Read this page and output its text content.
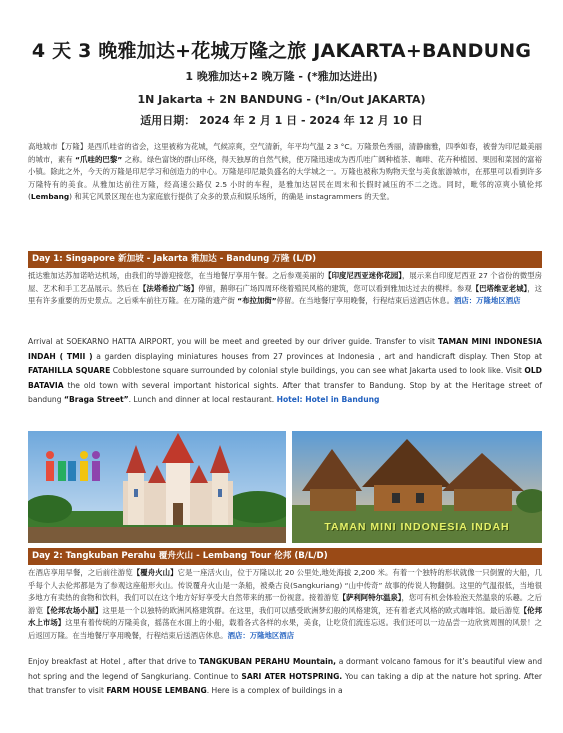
4 天 3 晚雅加达+花城万隆之旅 JAKARTA+BANDUNG
1 晚雅加达+2 晚万隆 - (*雅加达进出)
1N Jakarta + 2N BANDUNG - (*In/Out JAKARTA)
适用日期： 2024 年 2 月 1 日 - 2024 年 12 月 10 日
高地城市【万隆】是西爪哇省的省会，这里被称为花城，气候凉爽，空气清新，年平均气温 2 3 °C。万隆景色秀丽，清静幽雅，四季如春，被誉为印尼最美丽的城市，素有 “爪哇的巴黎” 之称。绿色富饶的群山环绕，得天独厚的自然气候，使万隆迅速成为西爪哇广阔种植茶、咖啡、花卉种植园、果园和菜园的富裕小镇。除此之外，今天的万隆是印尼学习和创造力的中心。万隆是印尼最负盛名的大学城之一。万隆也被称为购物天堂与美食旅游城市，在那里可以看到许多万隆特有的美食。从雅加达前往万隆，经高速公路仅 2.5 小时的车程，是雅加达居民在周末和长假时减压的不二之选。同时，毗邻的凉爽小镇伦邦 (Lembang) 和其它风景区现在也为家庭旅行提供了众多的景点和娱乐场所，的确是 instagrammers 的天堂。
Day 1: Singapore 新加坡 - Jakarta 雅加达 - Bandung 万隆 (L/D)
抵达雅加达苏加诺哈达机场，由我们的导游迎接您，在当地餐厅享用午餐。之后参观美丽的【印度尼西亚迷你花园】，展示来自印度尼西亚 27 个省份的微型房屋、艺术和手工艺品展示。然后在【法塔希拉广场】停留，鹅卵石广场四周环绕着殖民风格的建筑，您可以看到雅加达过去的模样。参观【巴塔维亚老城】，这里有许多重要的历史景点。之后乘车前往万隆。在万隆的遗产街 “布拉加街”停留。在当地餐厅享用晚餐，行程结束后送酒店休息。酒店：万隆地区酒店
Arrival at SOEKARNO HATTA AIRPORT, you will be meet and greeted by our driver guide. Transfer to visit TAMAN MINI INDONESIA INDAH ( TMII ) a garden displaying miniatures houses from 27 provinces at Indonesia , art and handicraft display. Then Stop at FATAHILLA SQUARE Cobblestone square surrounded by colonial style buildings, you can see what Jakarta used to look like. Visit OLD BATAVIA the old town with several important historical sights. After that transfer to Bandung. Stop by at the Heritage street of bandung “Braga Street”. Lunch and dinner at local restaurant. Hotel: Hotel in Bandung
TAMAN MINI INDONESIA INDAH
Day 2: Tangkuban Perahu 覆舟火山 - Lembang Tour 伦邦 (B/L/D)
在酒店享用早餐，之后前往游览【覆舟火山】它是一座活火山，位于万隆以北 20 公里处,地处海拔 2,200 米。有着一个独特的形状就像一只倒置的大船，几乎每个人去伦邦都是为了参观这座船形火山。传说覆舟火山是一条船，被桑古良(Sangkuriang) “山中传奇” 故事的传说人物翻倒。这里的气温很低，当地很多地方有卖热的食物和饮料，我们可以在这个地方好好享受大自然带来的那一份视意。接着游览【萨利阿特尔温泉】，您可有机会体验泡天然温泉的乐趣。之后游览【伦邦农场小屋】这里是一个以独特的欧洲风格建筑群。在这里，我们可以感受欧洲梦幻般的风格建筑，还有着老式风格的欧式咖啡馆。最后游览【伦邦水上市场】这里有着传统的万隆美食，摇荡在水面上的小船，载着各式各样的水果，美食，让吃货们流连忘返。我们还可以一边品尝一边欣赏周围的风景！之后返回万隆。在当地餐厅享用晚餐，行程结束后送酒店休息。酒店：万隆地区酒店
Enjoy breakfast at Hotel , after that drive to TANGKUBAN PERAHU Mountain, a dormant volcano famous for it’s beautiful view and hot spring and the legend of Sangkuriang. Continue to SARI ATER HOTSPRING. You can taking a dip at the nature hot spring. After that transfer to visit FARM HOUSE LEMBANG. Here is a complex of buildings in a
